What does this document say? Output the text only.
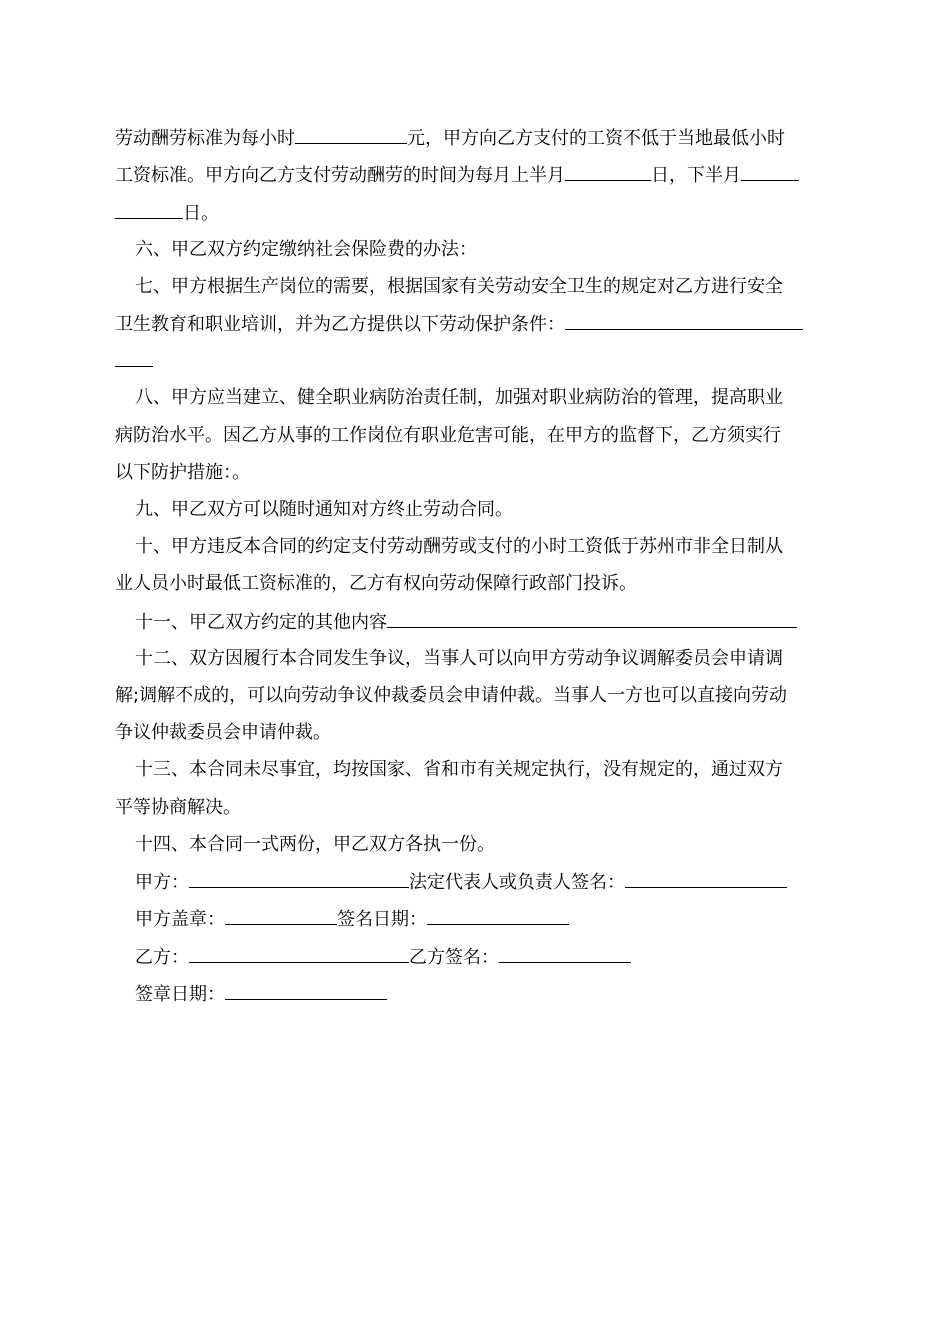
劳动酬劳标准为每小时	元，甲方向乙方支付的工资不低于当地最低小时
工资标准。甲方向乙方支付劳动酬劳的时间为每月上半月	日，下半月
日。
六、甲乙双方约定缴纳社会保险费的办法：
七、甲方根据生产岗位的需要，根据国家有关劳动安全卫生的规定对乙方进行安全
卫生教育和职业培训，并为乙方提供以下劳动保护条件：
八、甲方应当建立、健全职业病防治责任制，加强对职业病防治的管理，提高职业
病防治水平。因乙方从事的工作岗位有职业危害可能，在甲方的监督下，乙方须实行
以下防护措施：。
九、甲乙双方可以随时通知对方终止劳动合同。
十、甲方违反本合同的约定支付劳动酬劳或支付的小时工资低于苏州市非全日制从
业人员小时最低工资标准的，乙方有权向劳动保障行政部门投诉。
十一、甲乙双方约定的其他内容
十二、双方因履行本合同发生争议，当事人可以向甲方劳动争议调解委员会申请调
解;调解不成的，可以向劳动争议仲裁委员会申请仲裁。当事人一方也可以直接向劳动
争议仲裁委员会申请仲裁。
十三、本合同未尽事宜，均按国家、省和市有关规定执行，没有规定的，通过双方
平等协商解决。
十四、本合同一式两份，甲乙双方各执一份。
甲方：	法定代表人或负责人签名：
甲方盖章：	签名日期：
乙方：	乙方签名：
签章日期：
